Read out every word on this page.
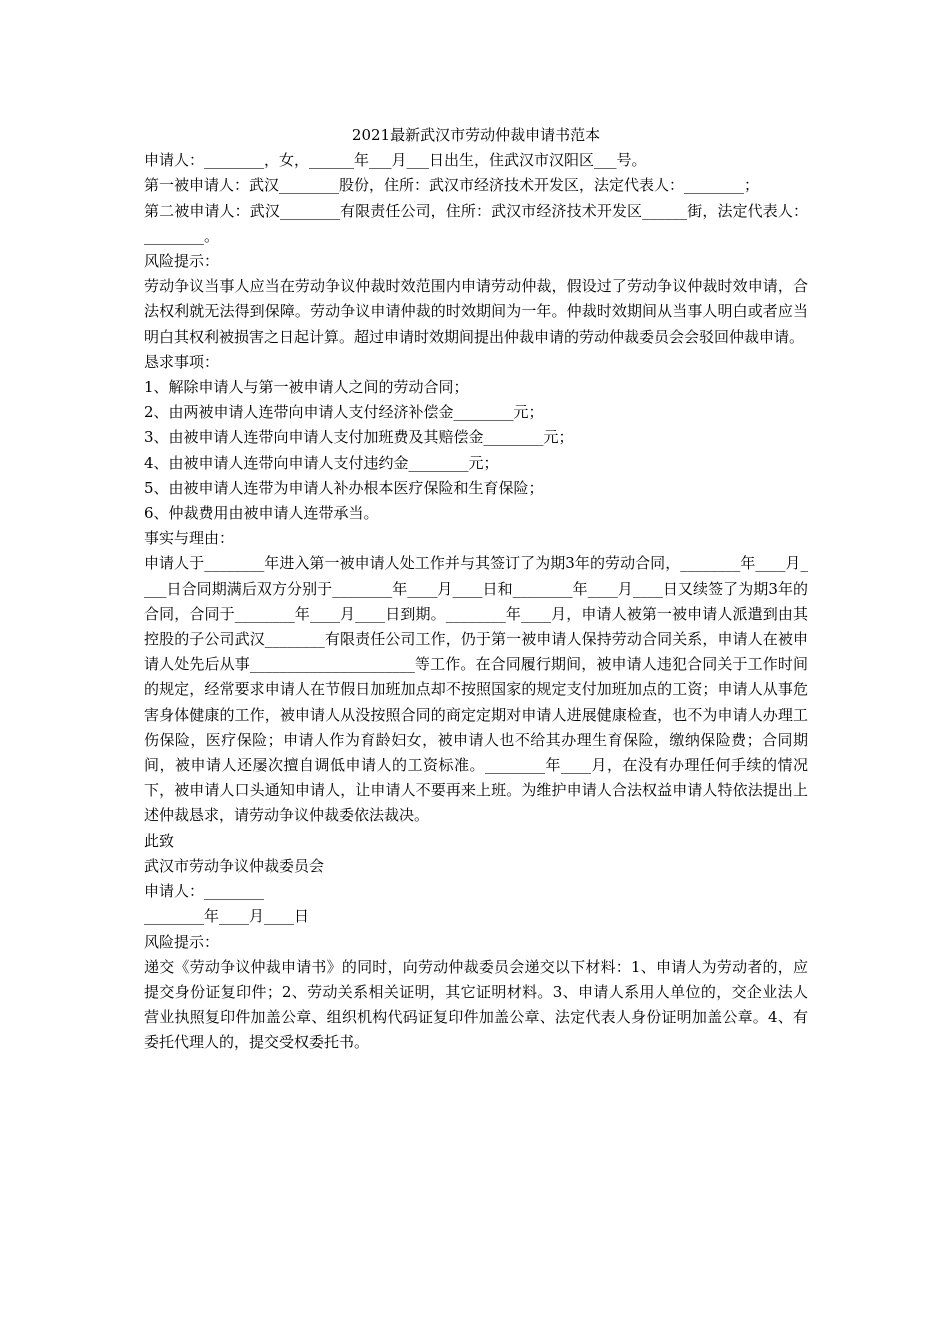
2021最新武汉市劳动仲裁申请书范本

申请人：________，女，______年___月___日出生，住武汉市汉阳区___号。

第一被申请人：武汉________股份，住所：武汉市经济技术开发区，法定代表人：________；

第二被申请人：武汉________有限责任公司，住所：武汉市经济技术开发区______街，法定代表人：________。

风险提示：

劳动争议当事人应当在劳动争议仲裁时效范围内申请劳动仲裁，假设过了劳动争议仲裁时效申请，合法权利就无法得到保障。劳动争议申请仲裁的时效期间为一年。仲裁时效期间从当事人明白或者应当明白其权利被损害之日起计算。超过申请时效期间提出仲裁申请的劳动仲裁委员会会驳回仲裁申请。

恳求事项：

1、解除申请人与第一被申请人之间的劳动合同；

2、由两被申请人连带向申请人支付经济补偿金________元；

3、由被申请人连带向申请人支付加班费及其赔偿金________元；

4、由被申请人连带向申请人支付违约金________元；

5、由被申请人连带为申请人补办根本医疗保险和生育保险；

6、仲裁费用由被申请人连带承当。

事实与理由：

申请人于________年进入第一被申请人处工作并与其签订了为期3年的劳动合同，________年____月____日合同期满后双方分别于________年____月____日和________年____月____日又续签了为期3年的合同，合同于________年____月____日到期。________年____月，申请人被第一被申请人派遣到由其控股的子公司武汉________有限责任公司工作，仍于第一被申请人保持劳动合同关系，申请人在被申请人处先后从事______________________等工作。在合同履行期间，被申请人违犯合同关于工作时间的规定，经常要求申请人在节假日加班加点却不按照国家的规定支付加班加点的工资；申请人从事危害身体健康的工作，被申请人从没按照合同的商定定期对申请人进展健康检查，也不为申请人办理工伤保险，医疗保险；申请人作为育龄妇女，被申请人也不给其办理生育保险，缴纳保险费；合同期间，被申请人还屡次擅自调低申请人的工资标准。________年____月，在没有办理任何手续的情况下，被申请人口头通知申请人，让申请人不要再来上班。为维护申请人合法权益申请人特依法提出上述仲裁恳求，请劳动争议仲裁委依法裁决。

此致

武汉市劳动争议仲裁委员会

申请人：________

________年____月____日

风险提示：

递交《劳动争议仲裁申请书》的同时，向劳动仲裁委员会递交以下材料：1、申请人为劳动者的，应提交身份证复印件；2、劳动关系相关证明，其它证明材料。3、申请人系用人单位的，交企业法人营业执照复印件加盖公章、组织机构代码证复印件加盖公章、法定代表人身份证明加盖公章。4、有委托代理人的，提交受权委托书。
